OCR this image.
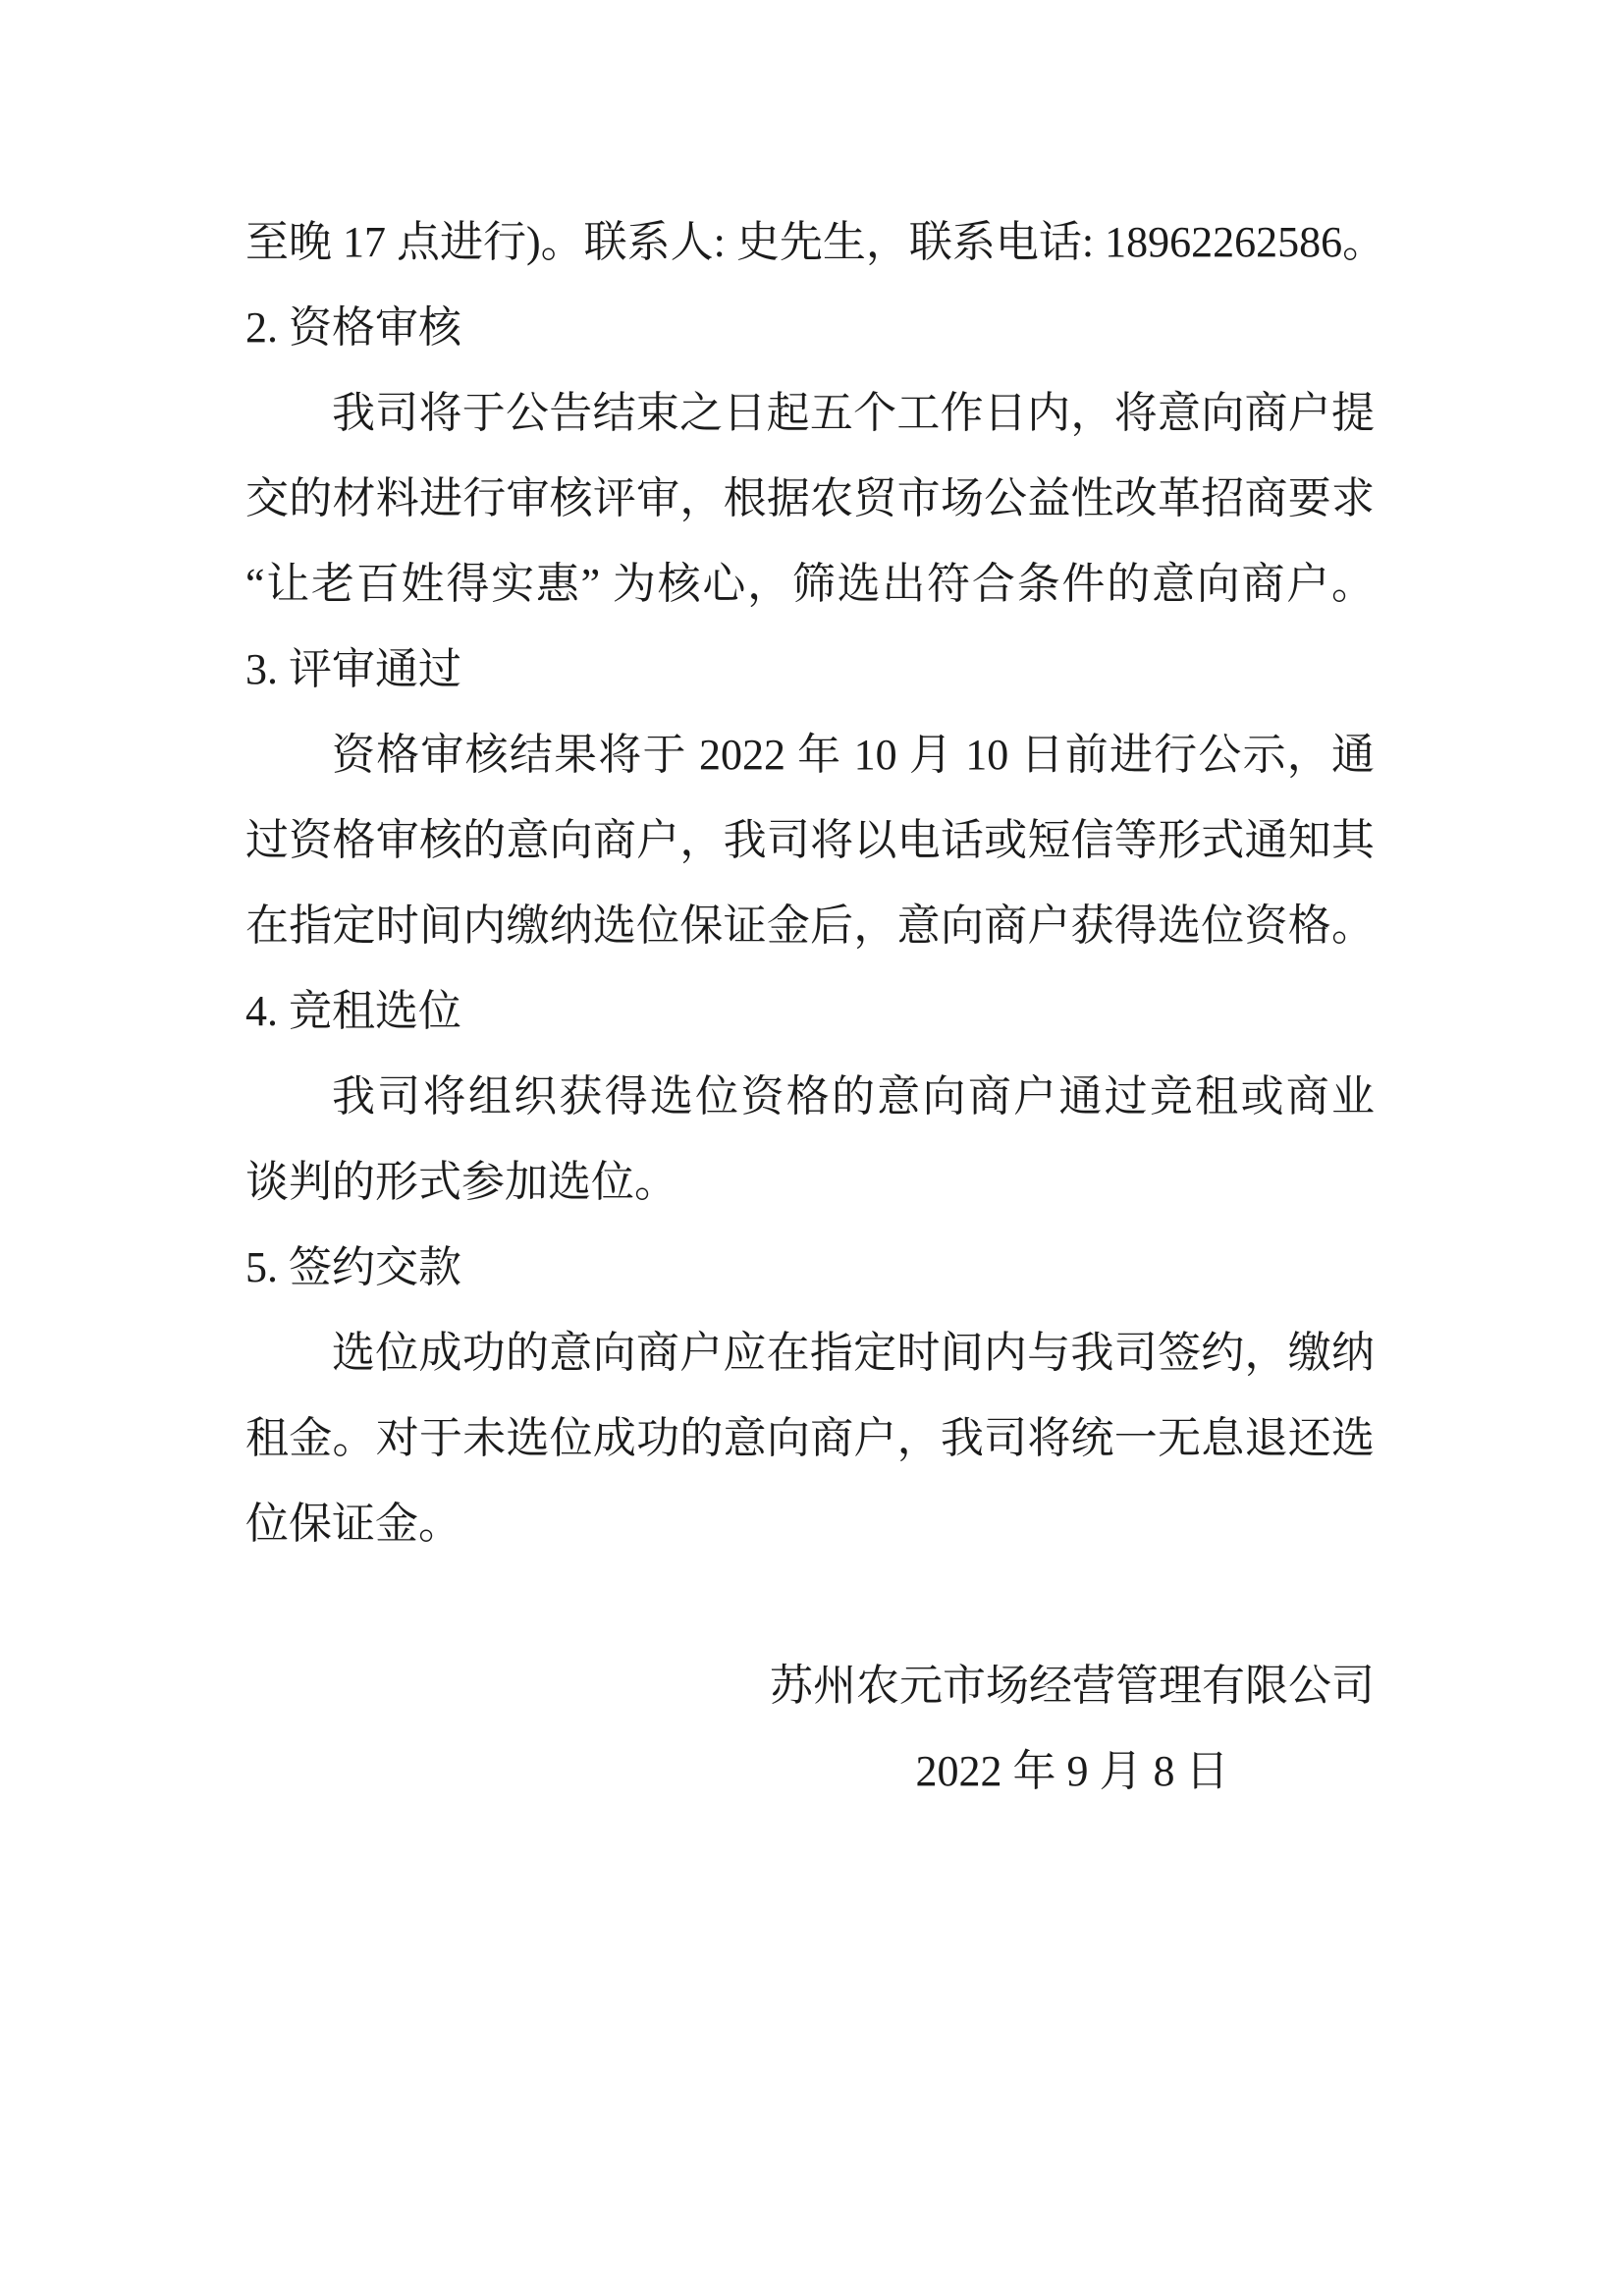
至晚 17 点进行)。联系人: 史先生，联系电话: 18962262586。
2. 资格审核
我司将于公告结束之日起五个工作日内，将意向商户提
交的材料进行审核评审，根据农贸市场公益性改革招商要求
“让老百姓得实惠” 为核心，筛选出符合条件的意向商户。
3. 评审通过
资格审核结果将于 2022 年 10 月 10 日前进行公示，通
过资格审核的意向商户，我司将以电话或短信等形式通知其
在指定时间内缴纳选位保证金后，意向商户获得选位资格。
4. 竞租选位
我司将组织获得选位资格的意向商户通过竞租或商业
谈判的形式参加选位。
5. 签约交款
选位成功的意向商户应在指定时间内与我司签约，缴纳
租金。对于未选位成功的意向商户，我司将统一无息退还选
位保证金。
苏州农元市场经营管理有限公司
2022 年 9 月 8 日
